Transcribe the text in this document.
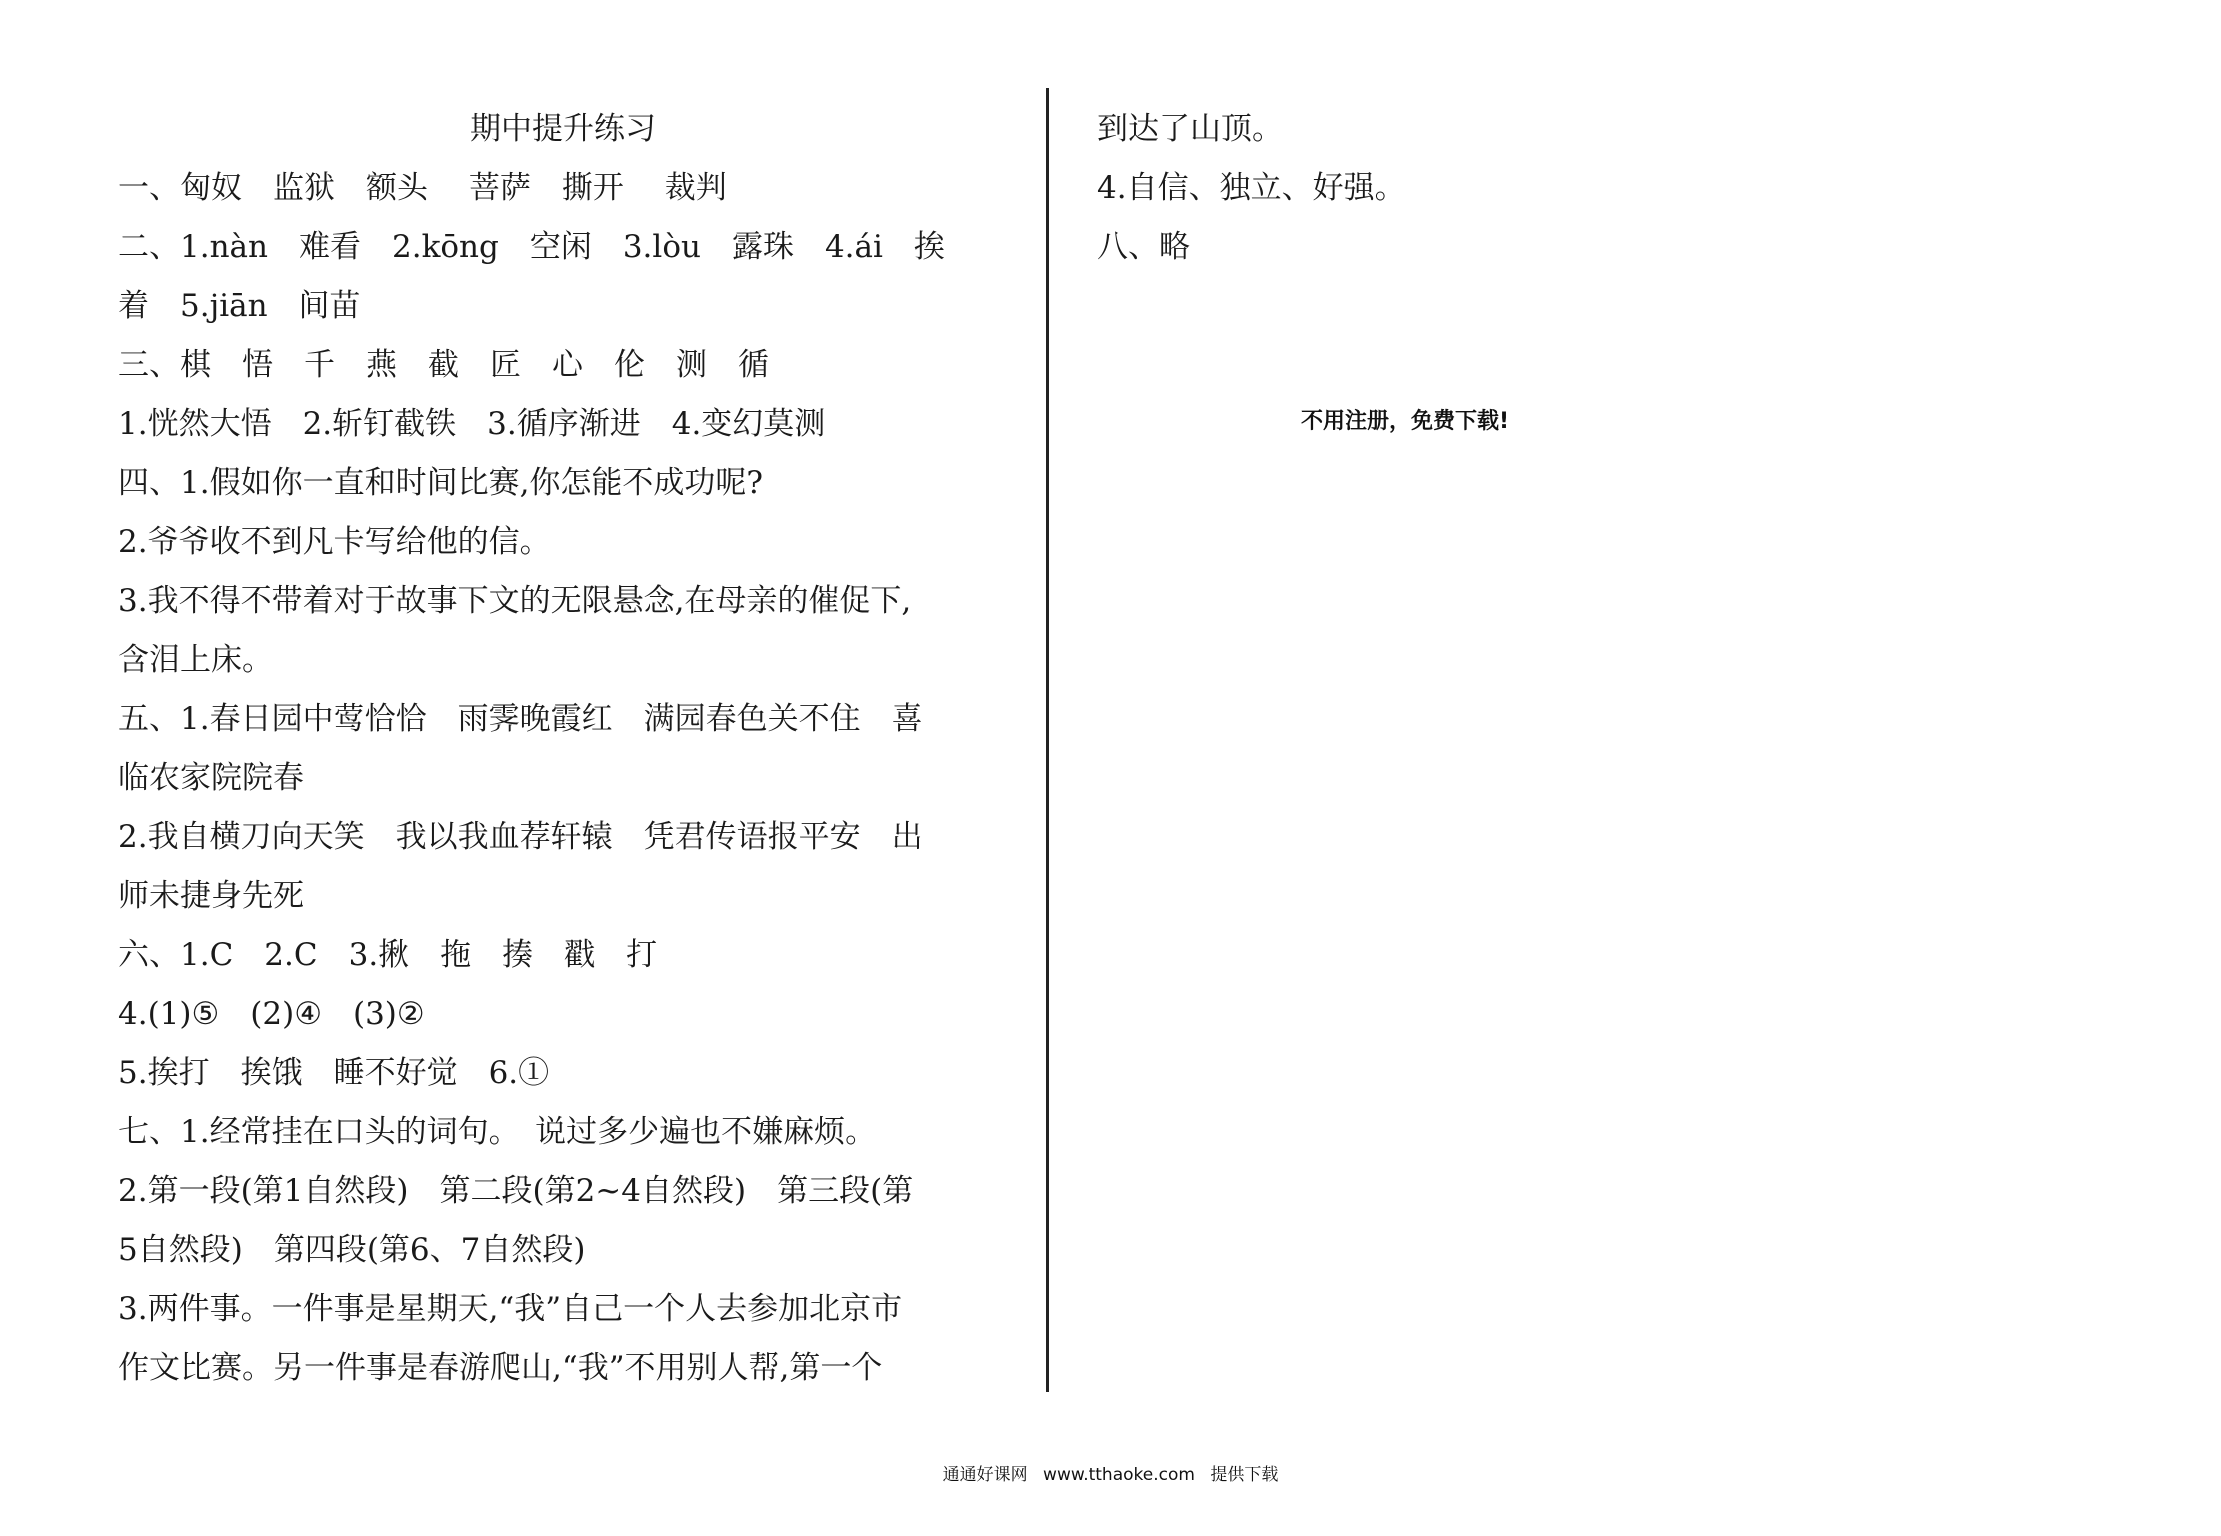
期中提升练习
一、匈奴　监狱　额头　 菩萨　撕开　 裁判
二、1.nàn　难看　2.kōng　空闲　3.lòu　露珠　4.ái　挨
着　5.jiān　间苗
三、棋　悟　千　燕　截　匠　心　伦　测　循
1.恍然大悟　2.斩钉截铁　3.循序渐进　4.变幻莫测
四、1.假如你一直和时间比赛,你怎能不成功呢?
2.爷爷收不到凡卡写给他的信。
3.我不得不带着对于故事下文的无限悬念,在母亲的催促下,
含泪上床。
五、1.春日园中莺恰恰　雨霁晚霞红　满园春色关不住　喜
临农家院院春
2.我自横刀向天笑　我以我血荐轩辕　凭君传语报平安　出
师未捷身先死
六、1.C　2.C　3.揪　拖　揍　戳　打
4.(1)⑤　(2)④　(3)②
5.挨打　挨饿　睡不好觉　6.①
七、1.经常挂在口头的词句。　说过多少遍也不嫌麻烦。
2.第一段(第1自然段)　第二段(第2~4自然段)　第三段(第
5自然段)　第四段(第6、7自然段)
3.两件事。一件事是星期天,“我”自己一个人去参加北京市
作文比赛。另一件事是春游爬山,“我”不用别人帮,第一个
到达了山顶。
4.自信、独立、好强。
八、略
不用注册，免费下载!
通通好课网 www.tthaoke.com 提供下载
